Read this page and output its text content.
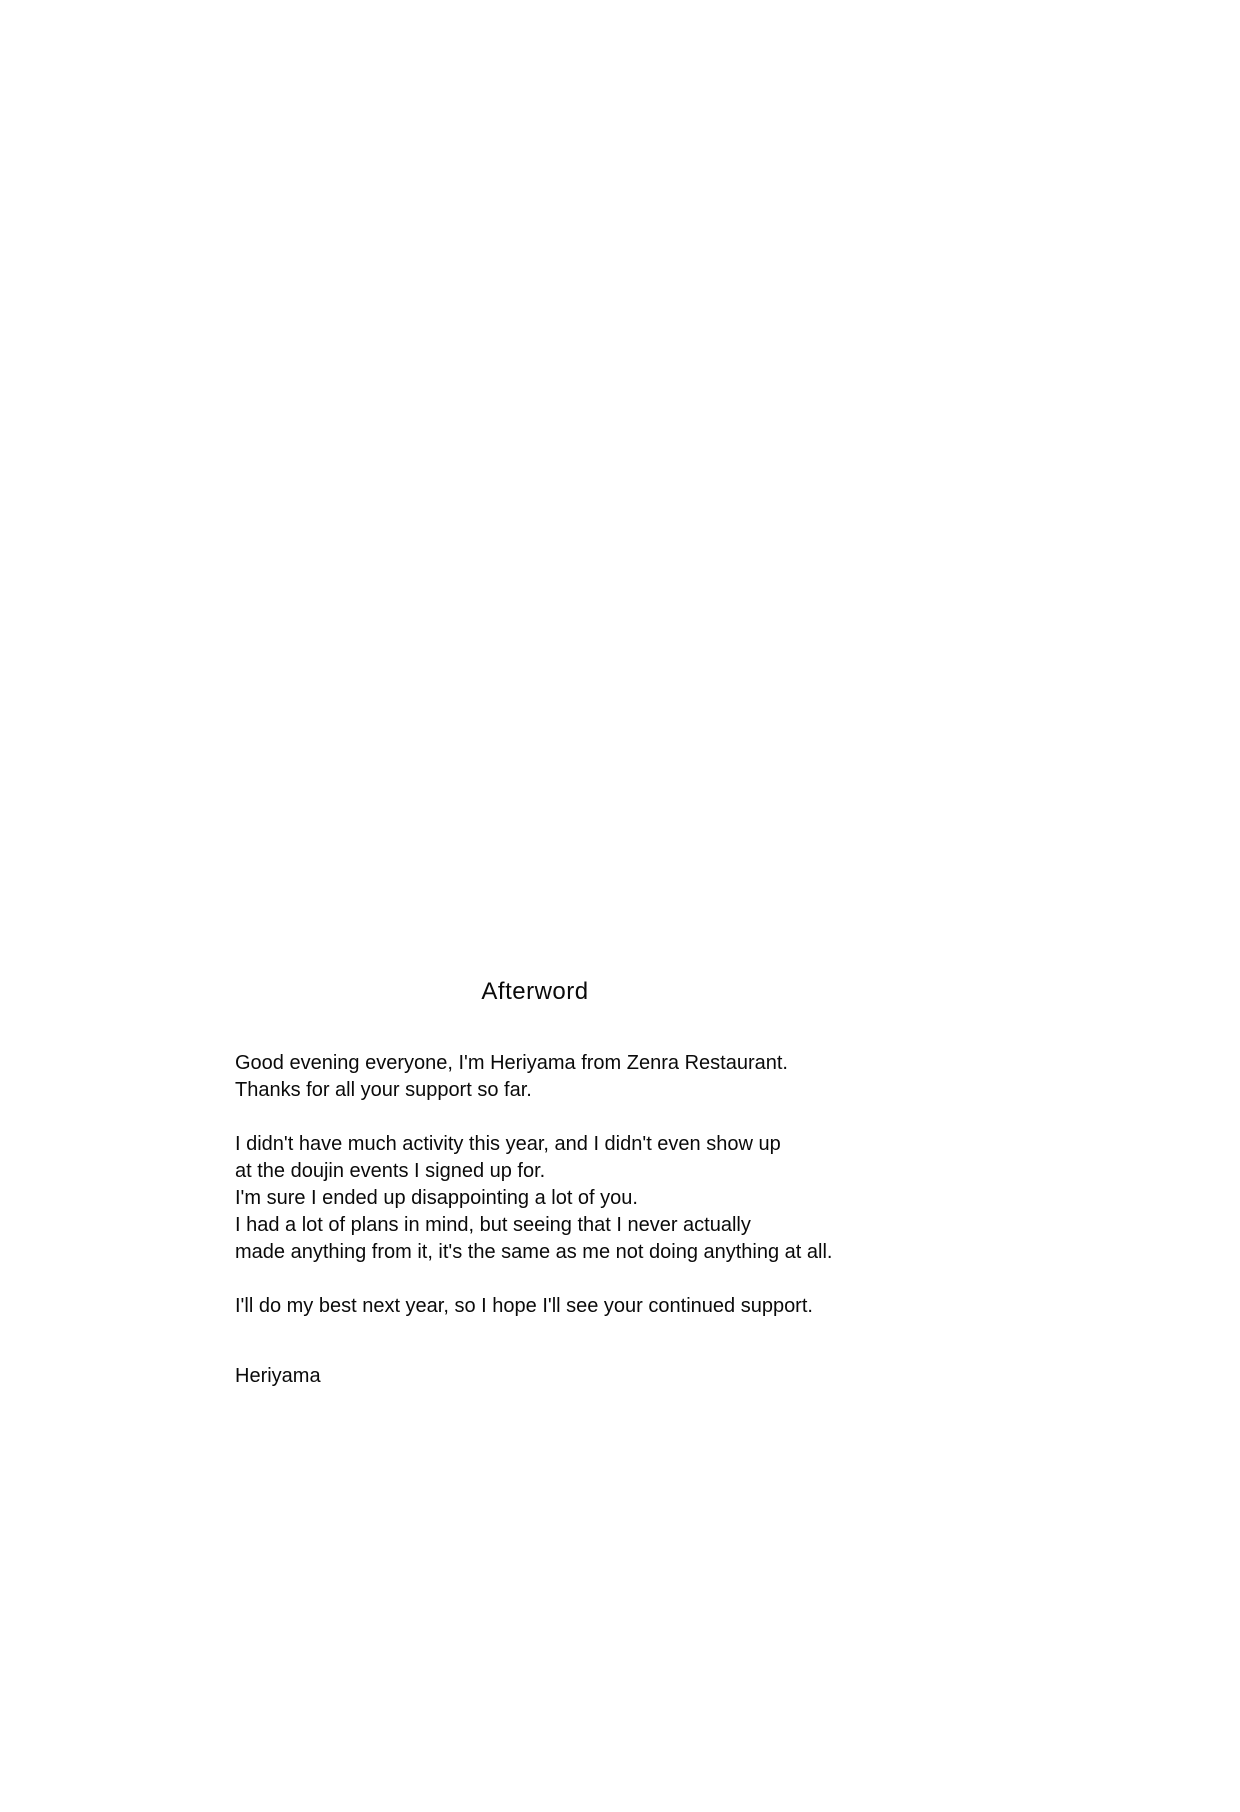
Afterword
Good evening everyone, I'm Heriyama from Zenra Restaurant.
Thanks for all your support so far.
I didn't have much activity this year, and I didn't even show up
at the doujin events I signed up for.
I'm sure I ended up disappointing a lot of you.
I had a lot of plans in mind, but seeing that I never actually
made anything from it, it's the same as me not doing anything at all.
I'll do my best next year, so I hope I'll see your continued support.
Heriyama
